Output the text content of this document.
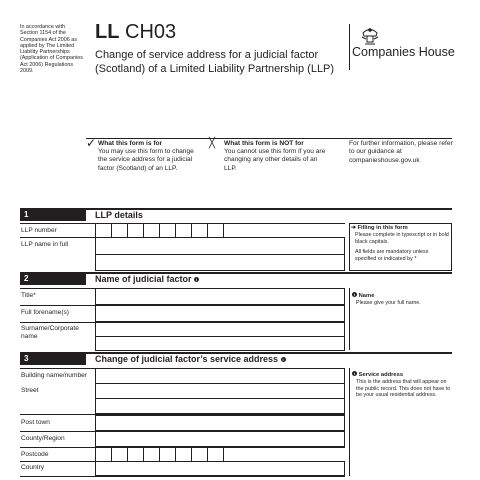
In accordance with Section 1154 of the Companies Act 2006 as applied by The Limited Liability Partnerships (Application of Companies Act 2006) Regulations 2009.
LL CH03
Change of service address for a judicial factor (Scotland) of a Limited Liability Partnership (LLP)
Companies House
✓ What this form is for
You may use this form to change the service address for a judicial factor (Scotland) of an LLP.
╳ What this form is NOT for
You cannot use this form if you are changing any other details of an LLP.
For further information, please refer to our guidance at companieshouse.gov.uk
1	LLP details
LLP number
LLP name in full
➔ Filling in this form
Please complete in typescript or in bold black capitals.
All fields are mandatory unless specified or indicated by *
2	Name of judicial factor i
Title*
Full forename(s)
Surname/Corporate name
i Name
Please give your full name.
3	Change of judicial factor’s service address i
Building name/number
Street
Post town
County/Region
Postcode
Country
i Service address
This is the address that will appear on the public record. This does not have to be your usual residential address.
